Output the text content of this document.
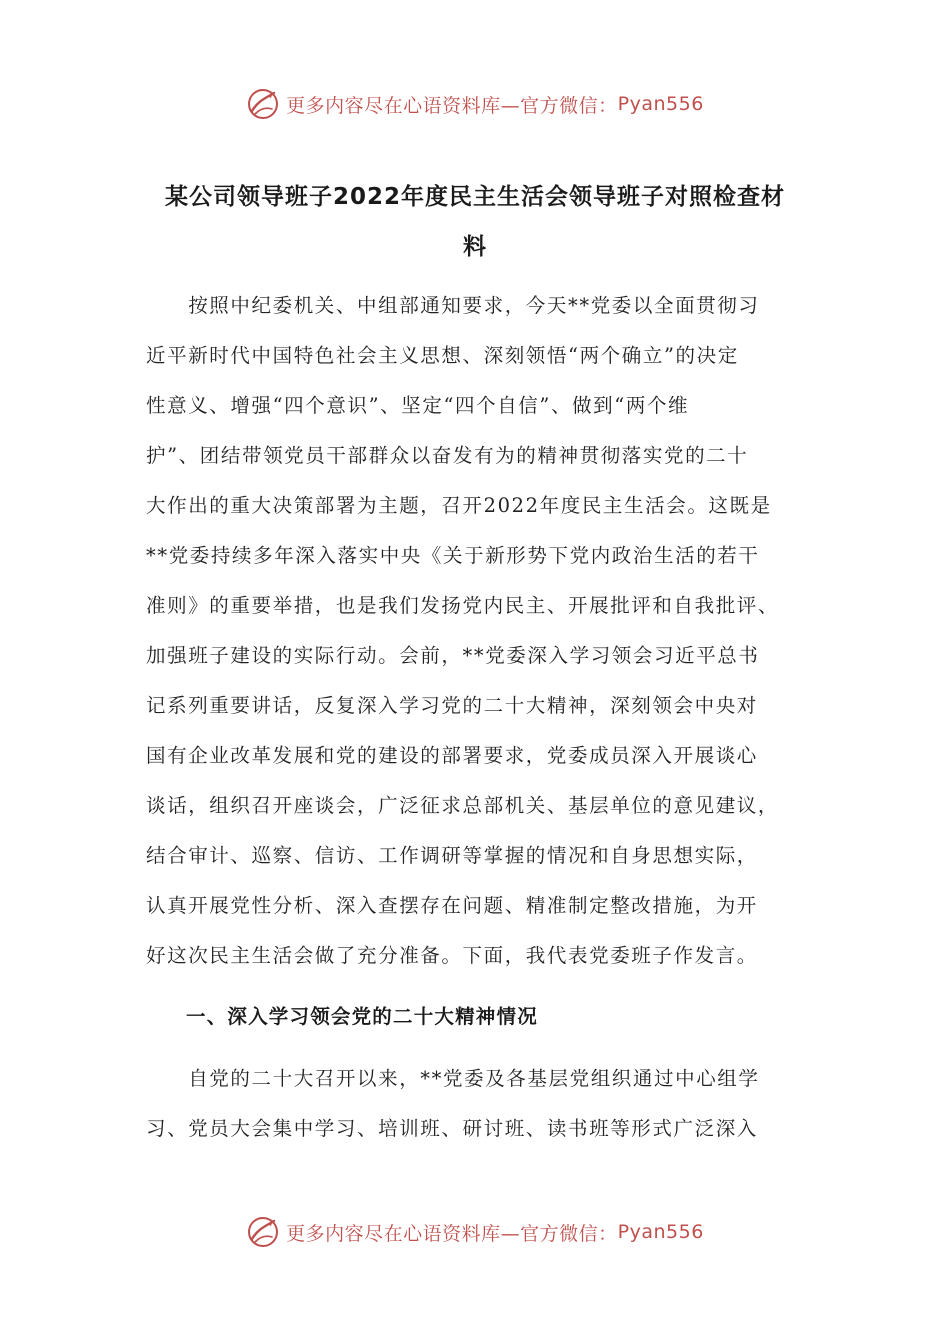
更多内容尽在心语资料库—官方微信： Pyan556
某公司领导班子2022年度民主生活会领导班子对照检查材
料
　　按照中纪委机关、中组部通知要求，今天**党委以全面贯彻习
近平新时代中国特色社会主义思想、深刻领悟“两个确立”的决定
性意义、增强“四个意识”、坚定“四个自信”、做到“两个维
护”、团结带领党员干部群众以奋发有为的精神贯彻落实党的二十
大作出的重大决策部署为主题，召开2022年度民主生活会。这既是
**党委持续多年深入落实中央《关于新形势下党内政治生活的若干
准则》的重要举措，也是我们发扬党内民主、开展批评和自我批评、
加强班子建设的实际行动。会前，**党委深入学习领会习近平总书
记系列重要讲话，反复深入学习党的二十大精神，深刻领会中央对
国有企业改革发展和党的建设的部署要求，党委成员深入开展谈心
谈话，组织召开座谈会，广泛征求总部机关、基层单位的意见建议，
结合审计、巡察、信访、工作调研等掌握的情况和自身思想实际，
认真开展党性分析、深入查摆存在问题、精准制定整改措施，为开
好这次民主生活会做了充分准备。下面，我代表党委班子作发言。
一、深入学习领会党的二十大精神情况
　　自党的二十大召开以来，**党委及各基层党组织通过中心组学
习、党员大会集中学习、培训班、研讨班、读书班等形式广泛深入
更多内容尽在心语资料库—官方微信： Pyan556
